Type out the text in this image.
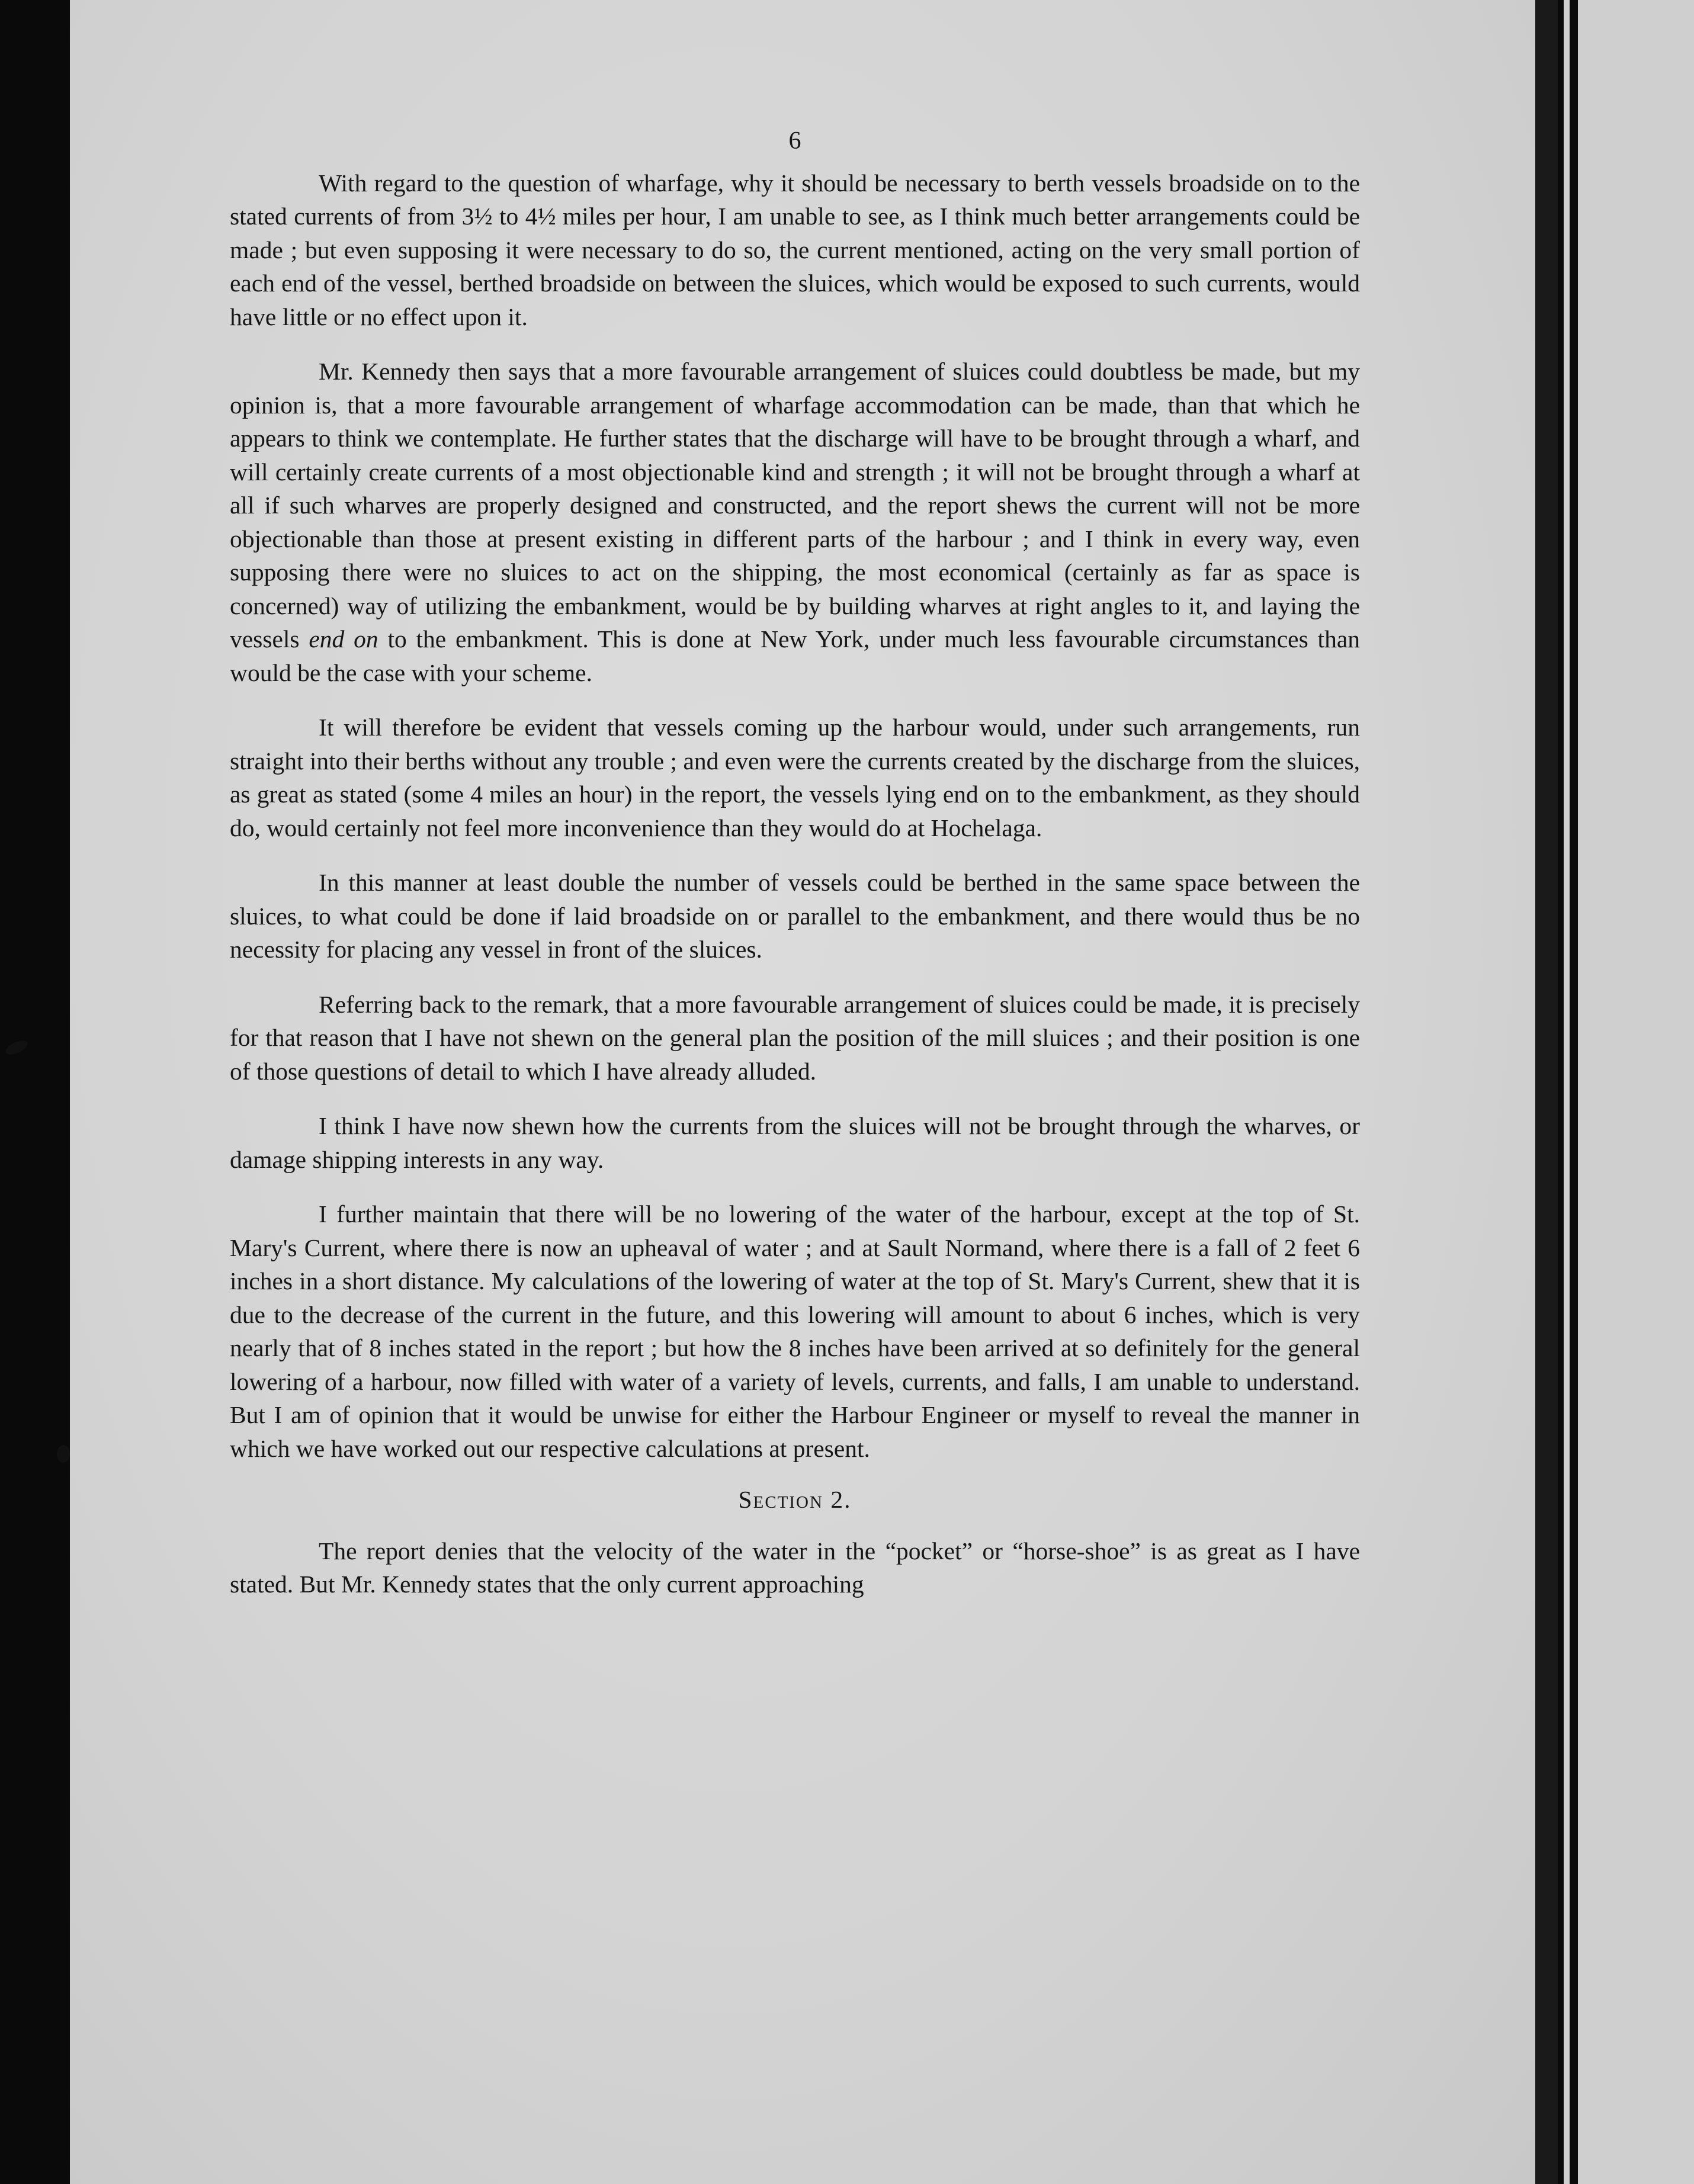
6

With regard to the question of wharfage, why it should be necessary to berth vessels broadside on to the stated currents of from 3½ to 4½ miles per hour, I am unable to see, as I think much better arrangements could be made ; but even supposing it were necessary to do so, the current mentioned, acting on the very small portion of each end of the vessel, berthed broadside on between the sluices, which would be exposed to such currents, would have little or no effect upon it.

Mr. Kennedy then says that a more favourable arrangement of sluices could doubtless be made, but my opinion is, that a more favourable arrangement of wharfage accommodation can be made, than that which he appears to think we contemplate. He further states that the discharge will have to be brought through a wharf, and will certainly create currents of a most objectionable kind and strength ; it will not be brought through a wharf at all if such wharves are properly designed and constructed, and the report shews the current will not be more objectionable than those at present existing in different parts of the harbour ; and I think in every way, even supposing there were no sluices to act on the shipping, the most economical (certainly as far as space is concerned) way of utilizing the embankment, would be by building wharves at right angles to it, and laying the vessels end on to the embankment. This is done at New York, under much less favourable circumstances than would be the case with your scheme.

It will therefore be evident that vessels coming up the harbour would, under such arrangements, run straight into their berths without any trouble ; and even were the currents created by the discharge from the sluices, as great as stated (some 4 miles an hour) in the report, the vessels lying end on to the embankment, as they should do, would certainly not feel more inconvenience than they would do at Hochelaga.

In this manner at least double the number of vessels could be berthed in the same space between the sluices, to what could be done if laid broadside on or parallel to the embankment, and there would thus be no necessity for placing any vessel in front of the sluices.

Referring back to the remark, that a more favourable arrangement of sluices could be made, it is precisely for that reason that I have not shewn on the general plan the position of the mill sluices ; and their position is one of those questions of detail to which I have already alluded.

I think I have now shewn how the currents from the sluices will not be brought through the wharves, or damage shipping interests in any way.

I further maintain that there will be no lowering of the water of the harbour, except at the top of St. Mary's Current, where there is now an upheaval of water ; and at Sault Normand, where there is a fall of 2 feet 6 inches in a short distance. My calculations of the lowering of water at the top of St. Mary's Current, shew that it is due to the decrease of the current in the future, and this lowering will amount to about 6 inches, which is very nearly that of 8 inches stated in the report ; but how the 8 inches have been arrived at so definitely for the general lowering of a harbour, now filled with water of a variety of levels, currents, and falls, I am unable to understand. But I am of opinion that it would be unwise for either the Harbour Engineer or myself to reveal the manner in which we have worked out our respective calculations at present.

Section 2.

The report denies that the velocity of the water in the “pocket” or “horse-shoe” is as great as I have stated. But Mr. Kennedy states that the only current approaching
